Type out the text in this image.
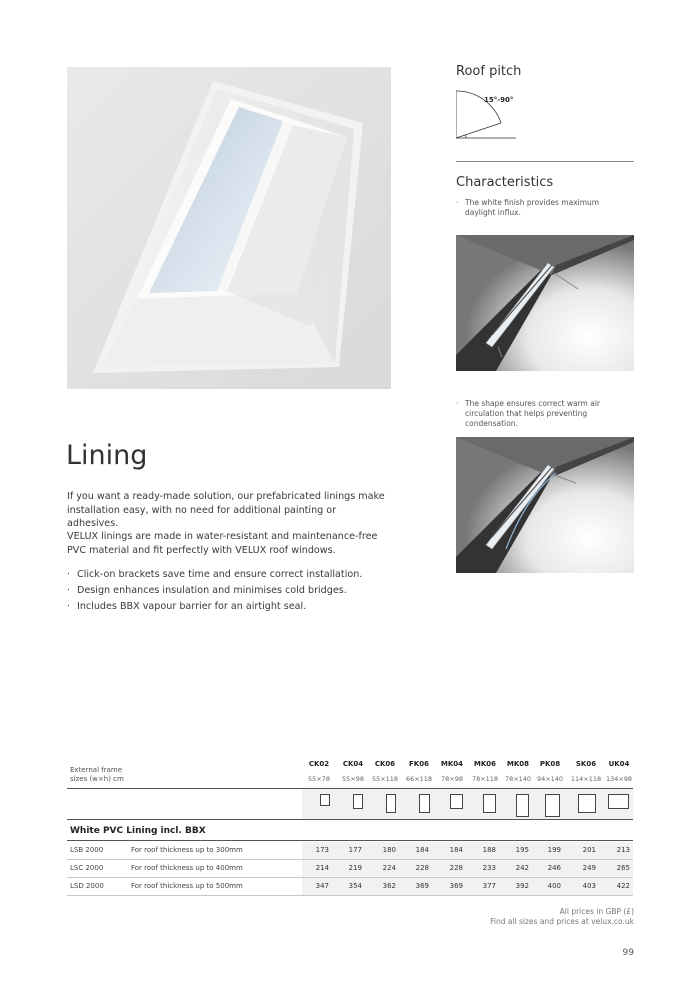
Roof pitch
15°-90°
Characteristics
· The white finish provides maximum daylight influx.
· The shape ensures correct warm air circulation that helps preventing condensation.
Lining
If you want a ready-made solution, our prefabricated linings make installation easy, with no need for additional painting or adhesives.
VELUX linings are made in water-resistant and maintenance-free PVC material and fit perfectly with VELUX roof windows.
· Click-on brackets save time and ensure correct installation.
· Design enhances insulation and minimises cold bridges.
· Includes BBX vapour barrier for an airtight seal.
External frame
sizes (w×h) cm
CK02	CK04	CK06	FK06	MK04	MK06	MK08	PK08	SK06	UK04
55×78	55×98	55×118	66×118	78×98	78×118	78×140 94×140	114×118 134×98
White PVC Lining incl. BBX
LSB 2000	For roof thickness up to 300mm	173	177	180	184	184	188	195	199	201	213
LSC 2000	For roof thickness up to 400mm	214	219	224	228	228	233	242	246	249	265
LSD 2000	For roof thickness up to 500mm	347	354	362	369	369	377	392	400	403	422
All prices in GBP (£)
Find all sizes and prices at velux.co.uk
99
